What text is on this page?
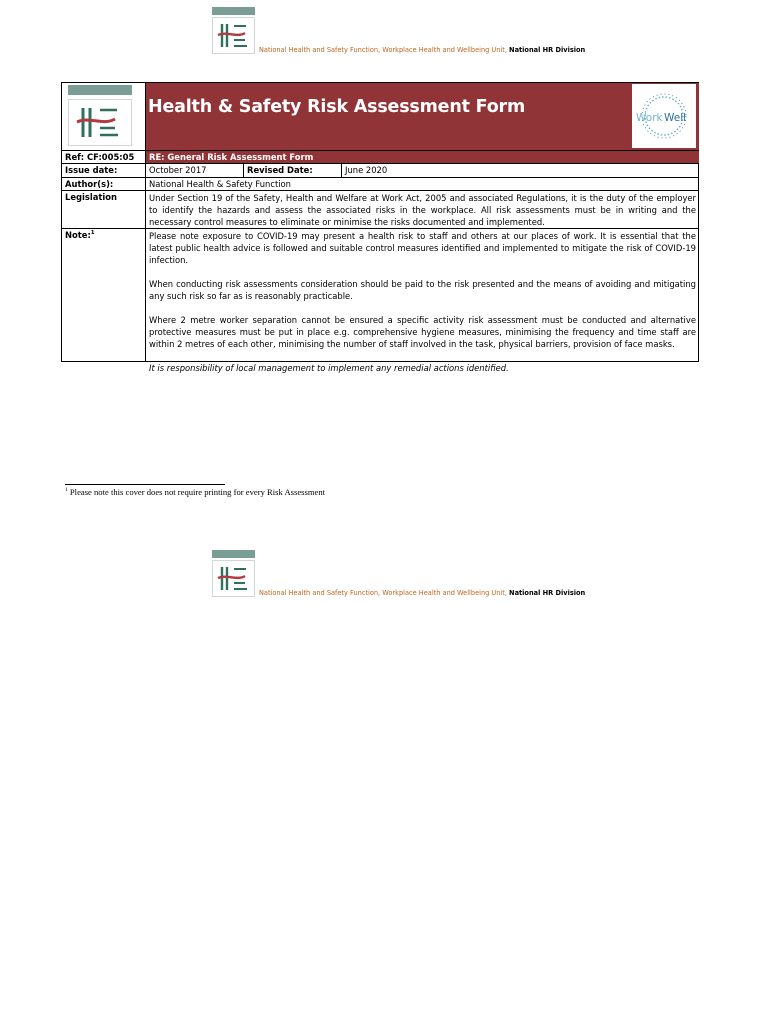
National Health and Safety Function, Workplace Health and Wellbeing Unit, National HR Division
Health & Safety Risk Assessment Form
Work Well
Ref: CF:005:05	RE: General Risk Assessment Form
Issue date:	October 2017	Revised Date:	June 2020
Author(s):	National Health & Safety Function
Legislation	Under Section 19 of the Safety, Health and Welfare at Work Act, 2005 and associated Regulations, it is the duty of the employer to identify the hazards and assess the associated risks in the workplace. All risk assessments must be in writing and the necessary control measures to eliminate or minimise the risks documented and implemented.
Note:$^1$	Please note exposure to COVID-19 may present a health risk to staff and others at our places of work. It is essential that the latest public health advice is followed and suitable control measures identified and implemented to mitigate the risk of COVID-19 infection.

When conducting risk assessments consideration should be paid to the risk presented and the means of avoiding and mitigating any such risk so far as is reasonably practicable.

Where 2 metre worker separation cannot be ensured a specific activity risk assessment must be conducted and alternative protective measures must be put in place e.g. comprehensive hygiene measures, minimising the frequency and time staff are within 2 metres of each other, minimising the number of staff involved in the task, physical barriers, provision of face masks.

It is responsibility of local management to implement any remedial actions identified.

$^1$ Please note this cover does not require printing for every Risk Assessment
National Health and Safety Function, Workplace Health and Wellbeing Unit, National HR Division
